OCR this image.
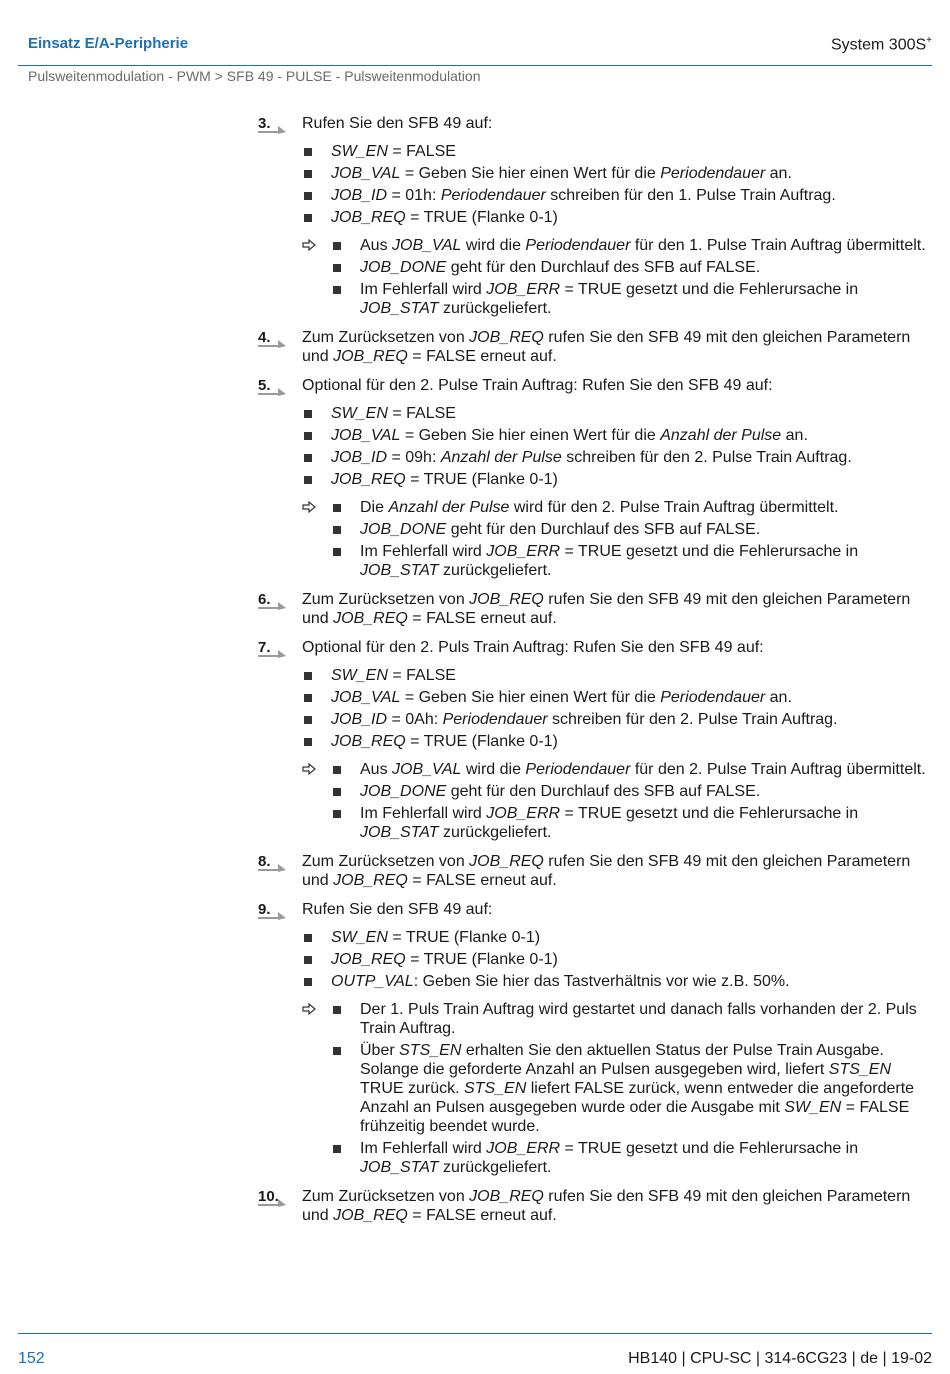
Einsatz E/A-Peripherie	System 300S+
Pulsweitenmodulation - PWM > SFB 49 - PULSE - Pulsweitenmodulation
3.	Rufen Sie den SFB 49 auf:
SW_EN = FALSE
JOB_VAL = Geben Sie hier einen Wert für die Periodendauer an.
JOB_ID = 01h: Periodendauer schreiben für den 1. Pulse Train Auftrag.
JOB_REQ = TRUE (Flanke 0-1)
Aus JOB_VAL wird die Periodendauer für den 1. Pulse Train Auftrag übermittelt.
JOB_DONE geht für den Durchlauf des SFB auf FALSE.
Im Fehlerfall wird JOB_ERR = TRUE gesetzt und die Fehlerursache in JOB_STAT zurückgeliefert.
4.	Zum Zurücksetzen von JOB_REQ rufen Sie den SFB 49 mit den gleichen Parametern und JOB_REQ = FALSE erneut auf.
5.	Optional für den 2. Pulse Train Auftrag: Rufen Sie den SFB 49 auf:
SW_EN = FALSE
JOB_VAL = Geben Sie hier einen Wert für die Anzahl der Pulse an.
JOB_ID = 09h: Anzahl der Pulse schreiben für den 2. Pulse Train Auftrag.
JOB_REQ = TRUE (Flanke 0-1)
Die Anzahl der Pulse wird für den 2. Pulse Train Auftrag übermittelt.
JOB_DONE geht für den Durchlauf des SFB auf FALSE.
Im Fehlerfall wird JOB_ERR = TRUE gesetzt und die Fehlerursache in JOB_STAT zurückgeliefert.
6.	Zum Zurücksetzen von JOB_REQ rufen Sie den SFB 49 mit den gleichen Parametern und JOB_REQ = FALSE erneut auf.
7.	Optional für den 2. Puls Train Auftrag: Rufen Sie den SFB 49 auf:
SW_EN = FALSE
JOB_VAL = Geben Sie hier einen Wert für die Periodendauer an.
JOB_ID = 0Ah: Periodendauer schreiben für den 2. Pulse Train Auftrag.
JOB_REQ = TRUE (Flanke 0-1)
Aus JOB_VAL wird die Periodendauer für den 2. Pulse Train Auftrag übermittelt.
JOB_DONE geht für den Durchlauf des SFB auf FALSE.
Im Fehlerfall wird JOB_ERR = TRUE gesetzt und die Fehlerursache in JOB_STAT zurückgeliefert.
8.	Zum Zurücksetzen von JOB_REQ rufen Sie den SFB 49 mit den gleichen Parametern und JOB_REQ = FALSE erneut auf.
9.	Rufen Sie den SFB 49 auf:
SW_EN = TRUE (Flanke 0-1)
JOB_REQ = TRUE (Flanke 0-1)
OUTP_VAL: Geben Sie hier das Tastverhältnis vor wie z.B. 50%.
Der 1. Puls Train Auftrag wird gestartet und danach falls vorhanden der 2. Puls Train Auftrag.
Über STS_EN erhalten Sie den aktuellen Status der Pulse Train Ausgabe. Solange die geforderte Anzahl an Pulsen ausgegeben wird, liefert STS_EN TRUE zurück. STS_EN liefert FALSE zurück, wenn entweder die angeforderte Anzahl an Pulsen ausgegeben wurde oder die Ausgabe mit SW_EN = FALSE frühzeitig beendet wurde.
Im Fehlerfall wird JOB_ERR = TRUE gesetzt und die Fehlerursache in JOB_STAT zurückgeliefert.
10.	Zum Zurücksetzen von JOB_REQ rufen Sie den SFB 49 mit den gleichen Parametern und JOB_REQ = FALSE erneut auf.
152	HB140 | CPU-SC | 314-6CG23 | de | 19-02
